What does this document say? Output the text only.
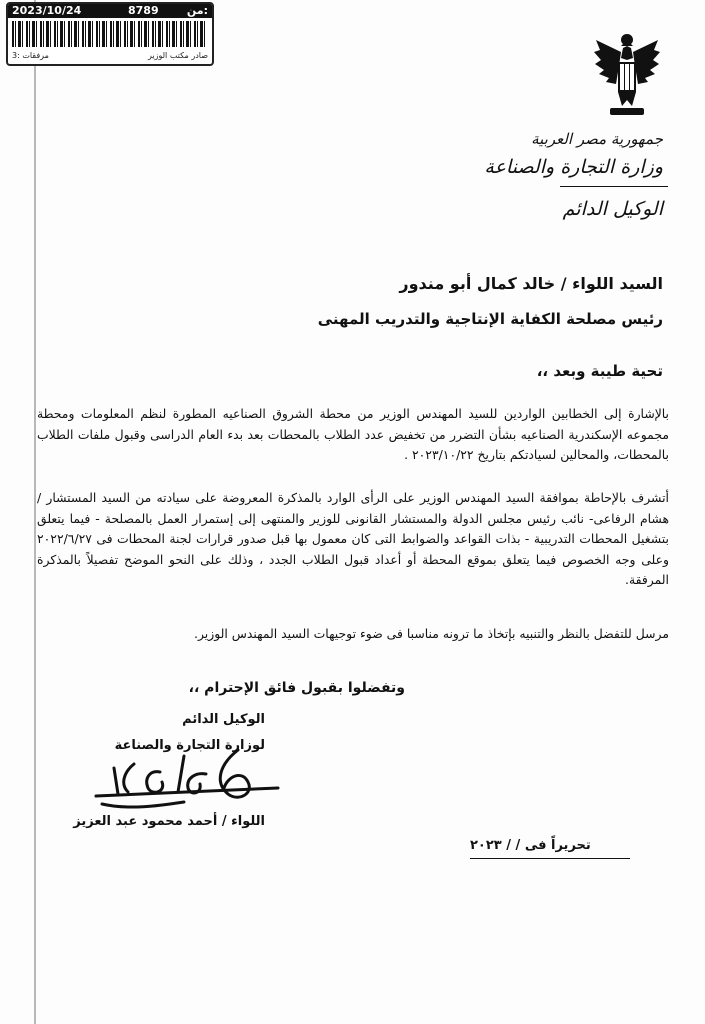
2023/10/24	8789	من:
مرفقات :3	صادر مكتب الوزير
جمهورية مصر العربية
وزارة التجارة والصناعة
الوكيل الدائم
السيد اللواء / خالد كمال أبو مندور
رئيس مصلحة الكفاية الإنتاجية والتدريب المهنى
تحية طيبة وبعد ،،
بالإشارة إلى الخطابين الواردين للسيد المهندس الوزير من محطة الشروق الصناعيه المطورة لنظم المعلومات ومحطة مجموعه الإسكندرية الصناعيه بشأن التضرر من تخفيض عدد الطلاب بالمحطات بعد بدء العام الدراسى وقبول ملفات الطلاب بالمحطات، والمحالين لسيادتكم بتاريخ ٢٠٢٣/١٠/٢٢ .
أتشرف بالإحاطة بموافقة السيد المهندس الوزير على الرأى الوارد بالمذكرة المعروضة على سيادته من السيد المستشار / هشام الرفاعى- نائب رئيس مجلس الدولة والمستشار القانونى للوزير والمنتهى إلى إستمرار العمل بالمصلحة - فيما يتعلق بتشغيل المحطات التدريبية - بذات القواعد والضوابط التى كان معمول بها قبل صدور قرارات لجنة المحطات فى ٢٠٢٢/٦/٢٧ وعلى وجه الخصوص فيما يتعلق بموقع المحطة أو أعداد قبول الطلاب الجدد ، وذلك على النحو الموضح تفصيلاً بالمذكرة المرفقة.
مرسل للتفضل بالنظر والتنبيه بإتخاذ ما ترونه مناسبا فى ضوء توجيهات السيد المهندس الوزير.
وتفضلوا بقبول فائق الإحترام ،،
الوكيل الدائم
لوزارة التجارة والصناعة
اللواء / أحمد محمود عبد العزيز
تحريراً فى / / ٢٠٢٣
